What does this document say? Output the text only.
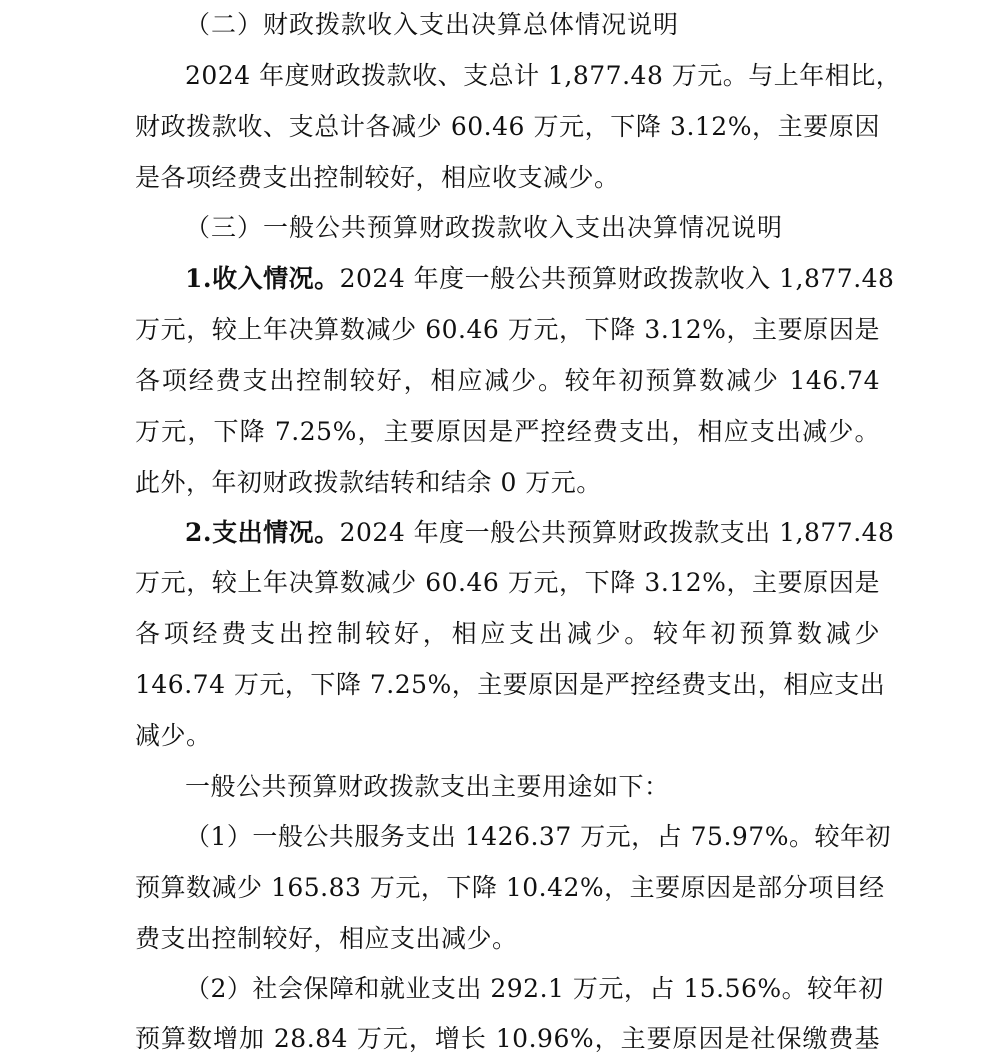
（二）财政拨款收入支出决算总体情况说明
2024 年度财政拨款收、支总计 1,877.48 万元。与上年相比，
财政拨款收、支总计各减少 60.46 万元，下降 3.12%，主要原因
是各项经费支出控制较好，相应收支减少。
（三）一般公共预算财政拨款收入支出决算情况说明
1.收入情况。2024 年度一般公共预算财政拨款收入 1,877.48
万元，较上年决算数减少 60.46 万元，下降 3.12%，主要原因是
各项经费支出控制较好，相应减少。较年初预算数减少 146.74
万元，下降 7.25%，主要原因是严控经费支出，相应支出减少。
此外，年初财政拨款结转和结余 0 万元。
2.支出情况。2024 年度一般公共预算财政拨款支出 1,877.48
万元，较上年决算数减少 60.46 万元，下降 3.12%，主要原因是
各项经费支出控制较好，相应支出减少。较年初预算数减少
146.74 万元，下降 7.25%，主要原因是严控经费支出，相应支出
减少。
一般公共预算财政拨款支出主要用途如下：
（1）一般公共服务支出 1426.37 万元，占 75.97%。较年初
预算数减少 165.83 万元，下降 10.42%，主要原因是部分项目经
费支出控制较好，相应支出减少。
（2）社会保障和就业支出 292.1 万元，占 15.56%。较年初
预算数增加 28.84 万元，增长 10.96%，主要原因是社保缴费基
